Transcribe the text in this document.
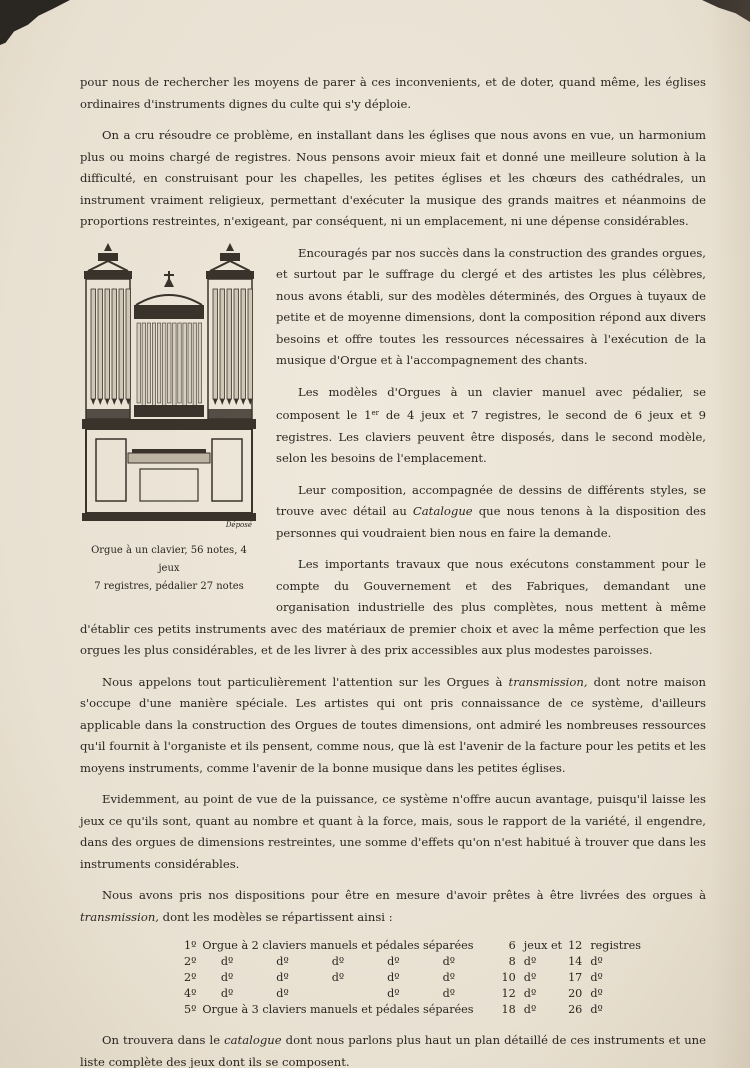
pour nous de rechercher les moyens de parer à ces inconvenients, et de doter, quand même, les églises ordinaires d'instruments dignes du culte qui s'y déploie.

On a cru résoudre ce problème, en installant dans les églises que nous avons en vue, un harmonium plus ou moins chargé de registres. Nous pensons avoir mieux fait et donné une meilleure solution à la difficulté, en construisant pour les chapelles, les petites églises et les chœurs des cathédrales, un instrument vraiment religieux, permettant d'exécuter la musique des grands maitres et néanmoins de proportions restreintes, n'exigeant, par conséquent, ni un emplacement, ni une dépense considérables.

Déposé
Orgue à un clavier, 56 notes, 4 jeux
7 registres, pédalier 27 notes

Encouragés par nos succès dans la construction des grandes orgues, et surtout par le suffrage du clergé et des artistes les plus célèbres, nous avons établi, sur des modèles déterminés, des Orgues à tuyaux de petite et de moyenne dimensions, dont la composition répond aux divers besoins et offre toutes les ressources nécessaires à l'exécution de la musique d'Orgue et à l'accompagnement des chants.

Les modèles d'Orgues à un clavier manuel avec pédalier, se composent le 1er de 4 jeux et 7 registres, le second de 6 jeux et 9 registres. Les claviers peuvent être disposés, dans le second modèle, selon les besoins de l'emplacement.

Leur composition, accompagnée de dessins de différents styles, se trouve avec détail au Catalogue que nous tenons à la disposition des personnes qui voudraient bien nous en faire la demande.

Les importants travaux que nous exécutons constamment pour le compte du Gouvernement et des Fabriques, demandant une organisation industrielle des plus complètes, nous mettent à même d'établir ces petits instruments avec des matériaux de premier choix et avec la même perfection que les orgues les plus considérables, et de les livrer à des prix accessibles aux plus modestes paroisses.

Nous appelons tout particulièrement l'attention sur les Orgues à transmission, dont notre maison s'occupe d'une manière spéciale. Les artistes qui ont pris connaissance de ce système, d'ailleurs applicable dans la construction des Orgues de toutes dimensions, ont admiré les nombreuses ressources qu'il fournit à l'organiste et ils pensent, comme nous, que là est l'avenir de la facture pour les petits et les moyens instruments, comme l'avenir de la bonne musique dans les petites églises.

Evidemment, au point de vue de la puissance, ce système n'offre aucun avantage, puisqu'il laisse les jeux ce qu'ils sont, quant au nombre et quant à la force, mais, sous le rapport de la variété, il engendre, dans des orgues de dimensions restreintes, une somme d'effets qu'on n'est habitué à trouver que dans les instruments considérables.

Nous avons pris nos dispositions pour être en mesure d'avoir prêtes à être livrées des orgues à transmission, dont les modèles se répartissent ainsi :

1º	Orgue à 2 claviers manuels et pédales séparées					6	jeux et	12	registres
2º	dº	dº	dº	dº	dº	8	dº	14	dº
2º	dº	dº	dº	dº	dº	10	dº	17	dº
4º	dº	dº		dº	dº	12	dº	20	dº
5º	Orgue à 3 claviers manuels et pédales séparées					18	dº	26	dº

On trouvera dans le catalogue dont nous parlons plus haut un plan détaillé de ces instruments et une liste complète des jeux dont ils se composent.
